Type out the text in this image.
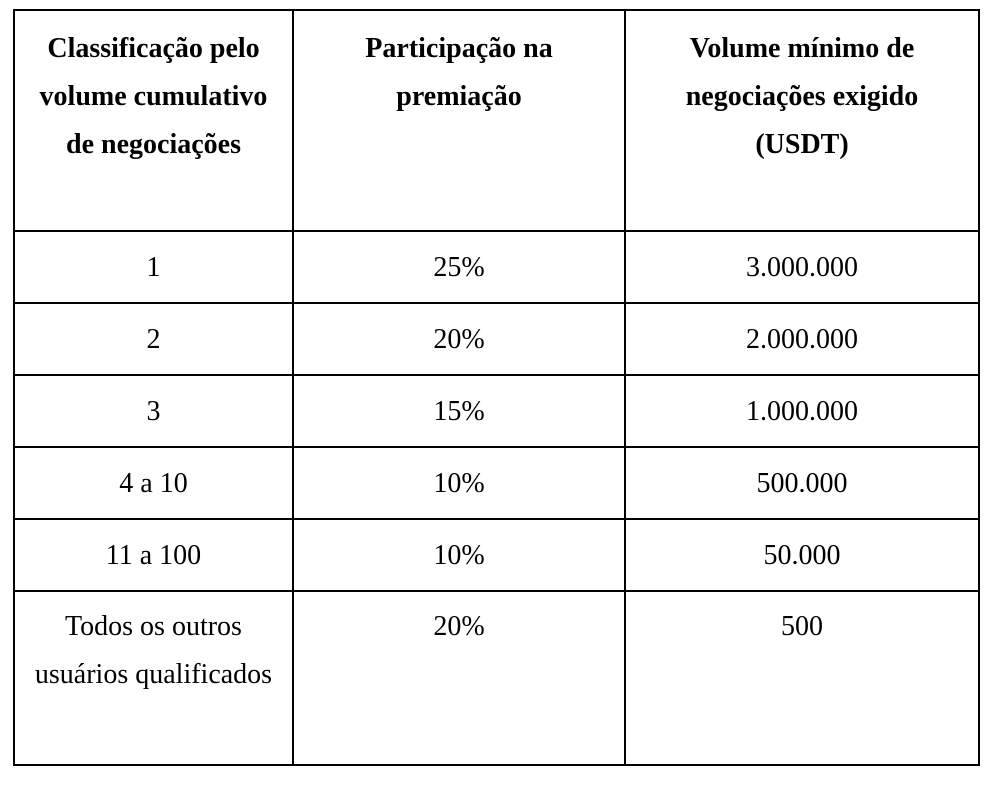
Classificação pelo volume cumulativo de negociações	Participação na premiação	Volume mínimo de negociações exigido (USDT)
1	25%	3.000.000
2	20%	2.000.000
3	15%	1.000.000
4 a 10	10%	500.000
11 a 100	10%	50.000
Todos os outros usuários qualificados	20%	500
